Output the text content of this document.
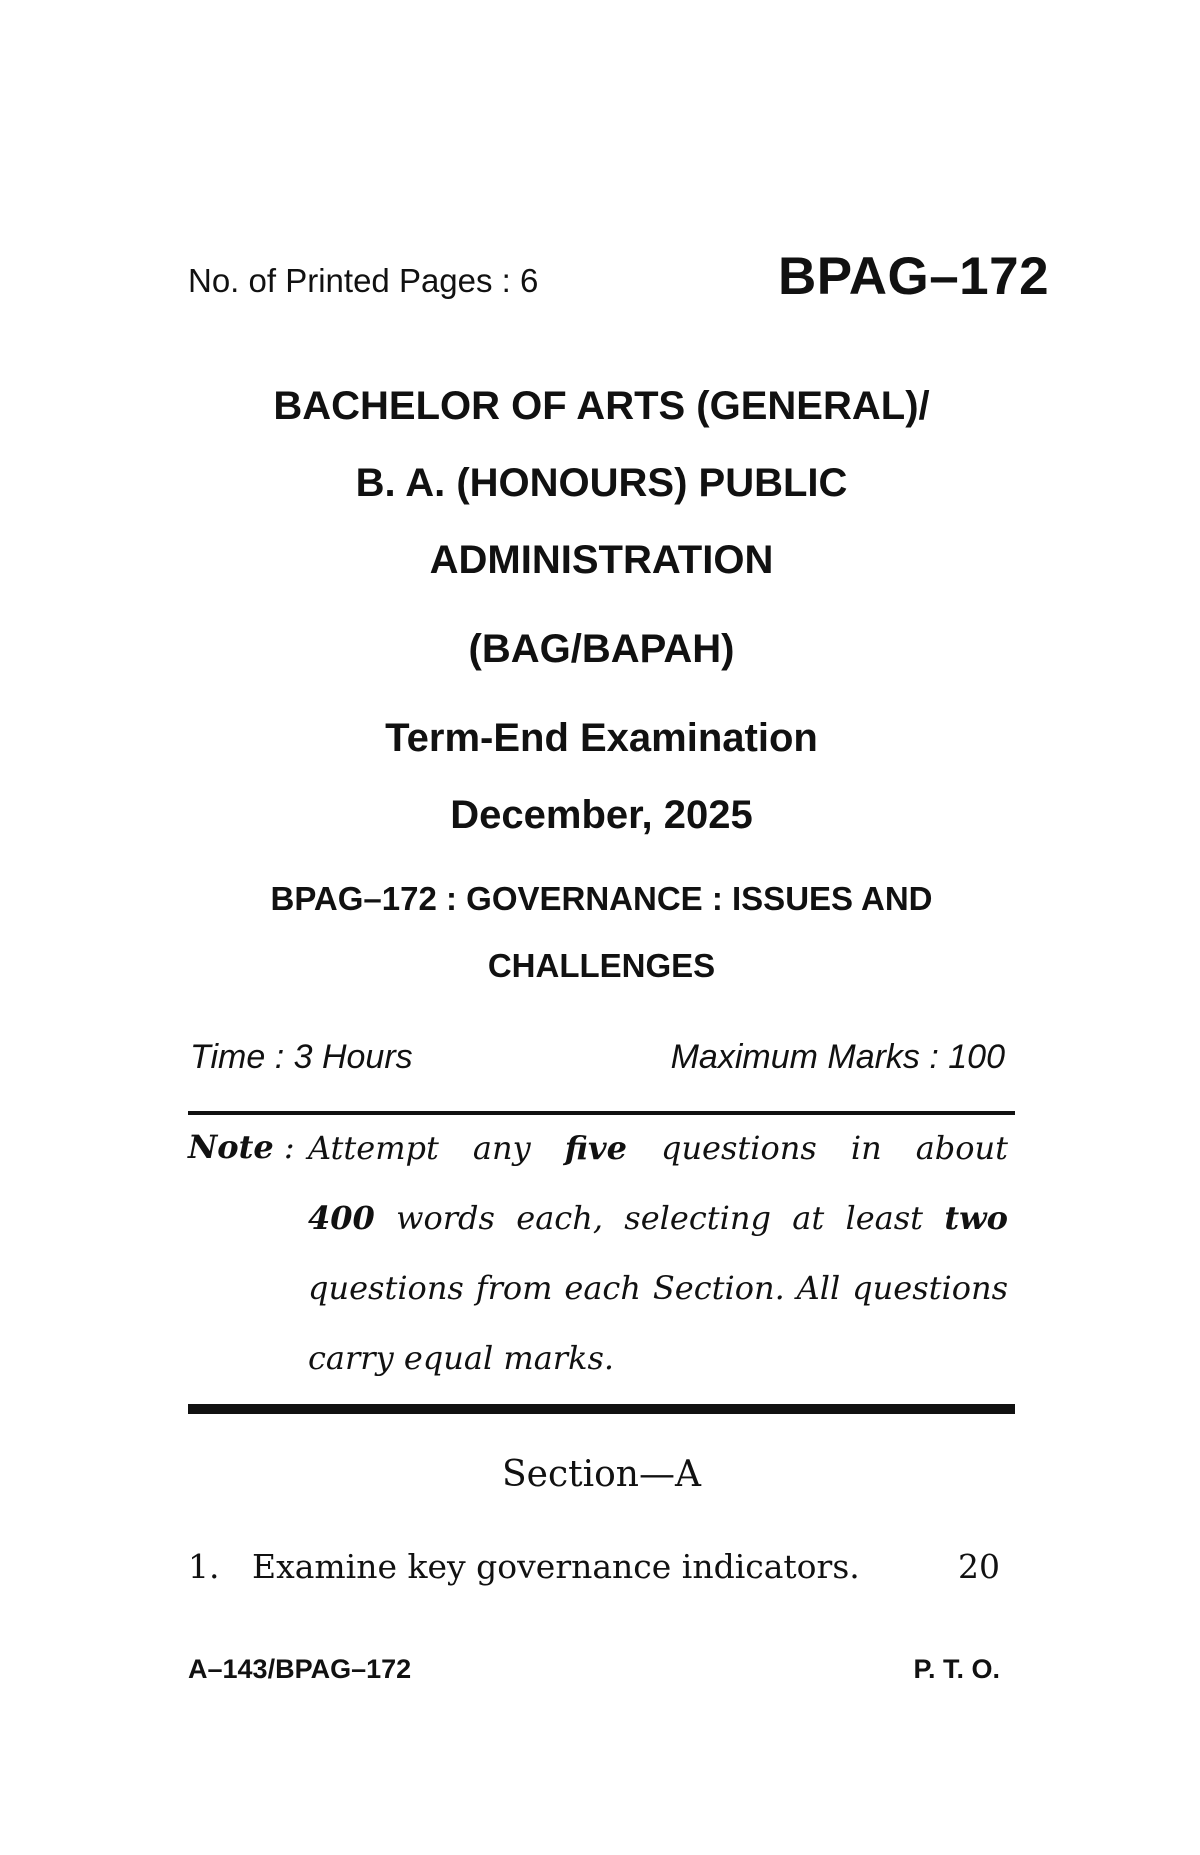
No. of Printed Pages : 6	BPAG–172
BACHELOR OF ARTS (GENERAL)/
B. A. (HONOURS) PUBLIC
ADMINISTRATION
(BAG/BAPAH)
Term-End Examination
December, 2025
BPAG–172 : GOVERNANCE : ISSUES AND
CHALLENGES
Time : 3 Hours	Maximum Marks : 100
Note : Attempt any five questions in about
400 words each, selecting at least two
questions from each Section. All questions
carry equal marks.
Section—A
1. Examine key governance indicators.	20
A–143/BPAG–172	P. T. O.
